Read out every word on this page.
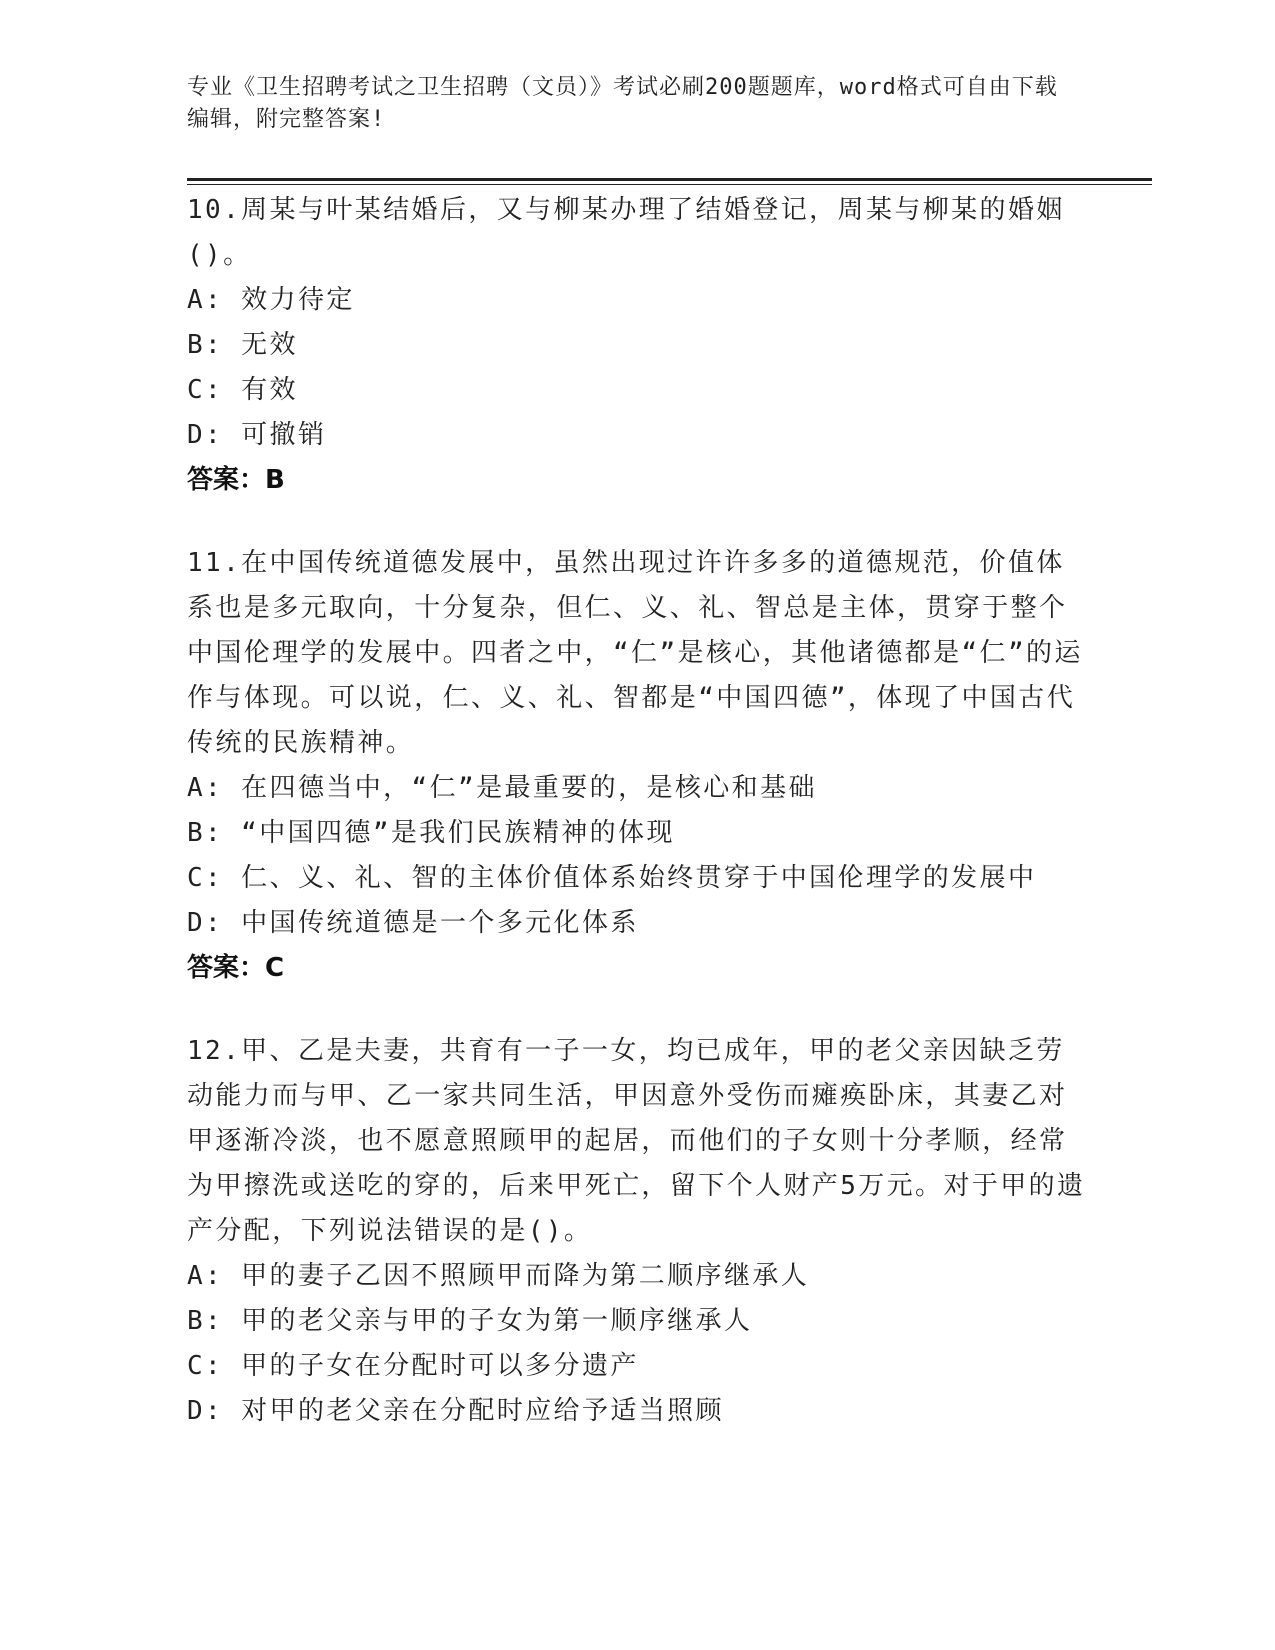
专业《卫生招聘考试之卫生招聘（文员）》考试必刷200题题库，word格式可自由下载编辑，附完整答案!

10.周某与叶某结婚后，又与柳某办理了结婚登记，周某与柳某的婚姻()。

A: 效力待定

B: 无效

C: 有效

D: 可撤销

答案：B

11.在中国传统道德发展中，虽然出现过许许多多的道德规范，价值体系也是多元取向，十分复杂，但仁、义、礼、智总是主体，贯穿于整个中国伦理学的发展中。四者之中，“仁”是核心，其他诸德都是“仁”的运作与体现。可以说，仁、义、礼、智都是“中国四德”，体现了中国古代传统的民族精神。

A: 在四德当中，“仁”是最重要的，是核心和基础

B: “中国四德”是我们民族精神的体现

C: 仁、义、礼、智的主体价值体系始终贯穿于中国伦理学的发展中

D: 中国传统道德是一个多元化体系

答案：C

12.甲、乙是夫妻，共育有一子一女，均已成年，甲的老父亲因缺乏劳动能力而与甲、乙一家共同生活，甲因意外受伤而瘫痪卧床，其妻乙对甲逐渐冷淡，也不愿意照顾甲的起居，而他们的子女则十分孝顺，经常为甲擦洗或送吃的穿的，后来甲死亡，留下个人财产5万元。对于甲的遗产分配，下列说法错误的是()。

A: 甲的妻子乙因不照顾甲而降为第二顺序继承人

B: 甲的老父亲与甲的子女为第一顺序继承人

C: 甲的子女在分配时可以多分遗产

D: 对甲的老父亲在分配时应给予适当照顾
